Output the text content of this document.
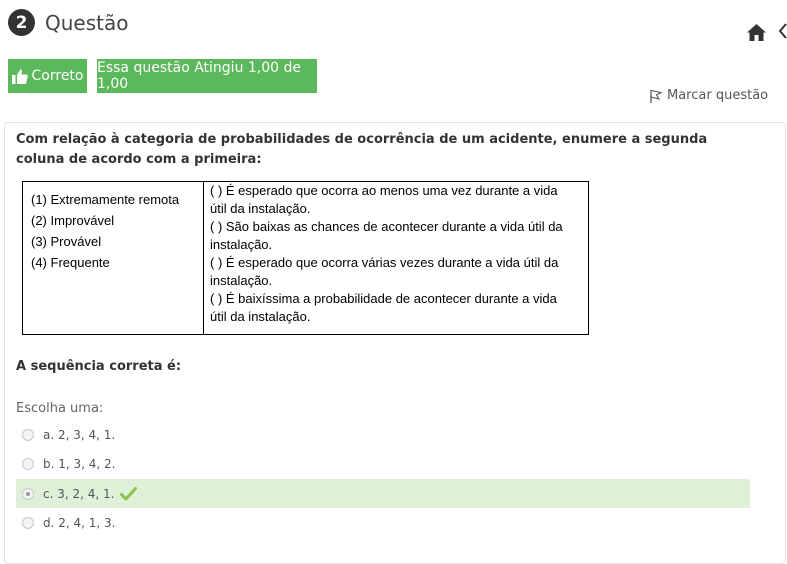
2 Questão
Correto Essa questão Atingiu 1,00 de 1,00
Marcar questão
Com relação à categoria de probabilidades de ocorrência de um acidente, enumere a segunda coluna de acordo com a primeira:
(1) Extremamente remota
(2) Improvável
(3) Provável
(4) Frequente

( ) É esperado que ocorra ao menos uma vez durante a vida
útil da instalação.
( ) São baixas as chances de acontecer durante a vida útil da
instalação.
( ) É esperado que ocorra várias vezes durante a vida útil da
instalação.
( ) É baixíssima a probabilidade de acontecer durante a vida
útil da instalação.
A sequência correta é:
Escolha uma:
a. 2, 3, 4, 1.
b. 1, 3, 4, 2.
c. 3, 2, 4, 1.
d. 2, 4, 1, 3.
